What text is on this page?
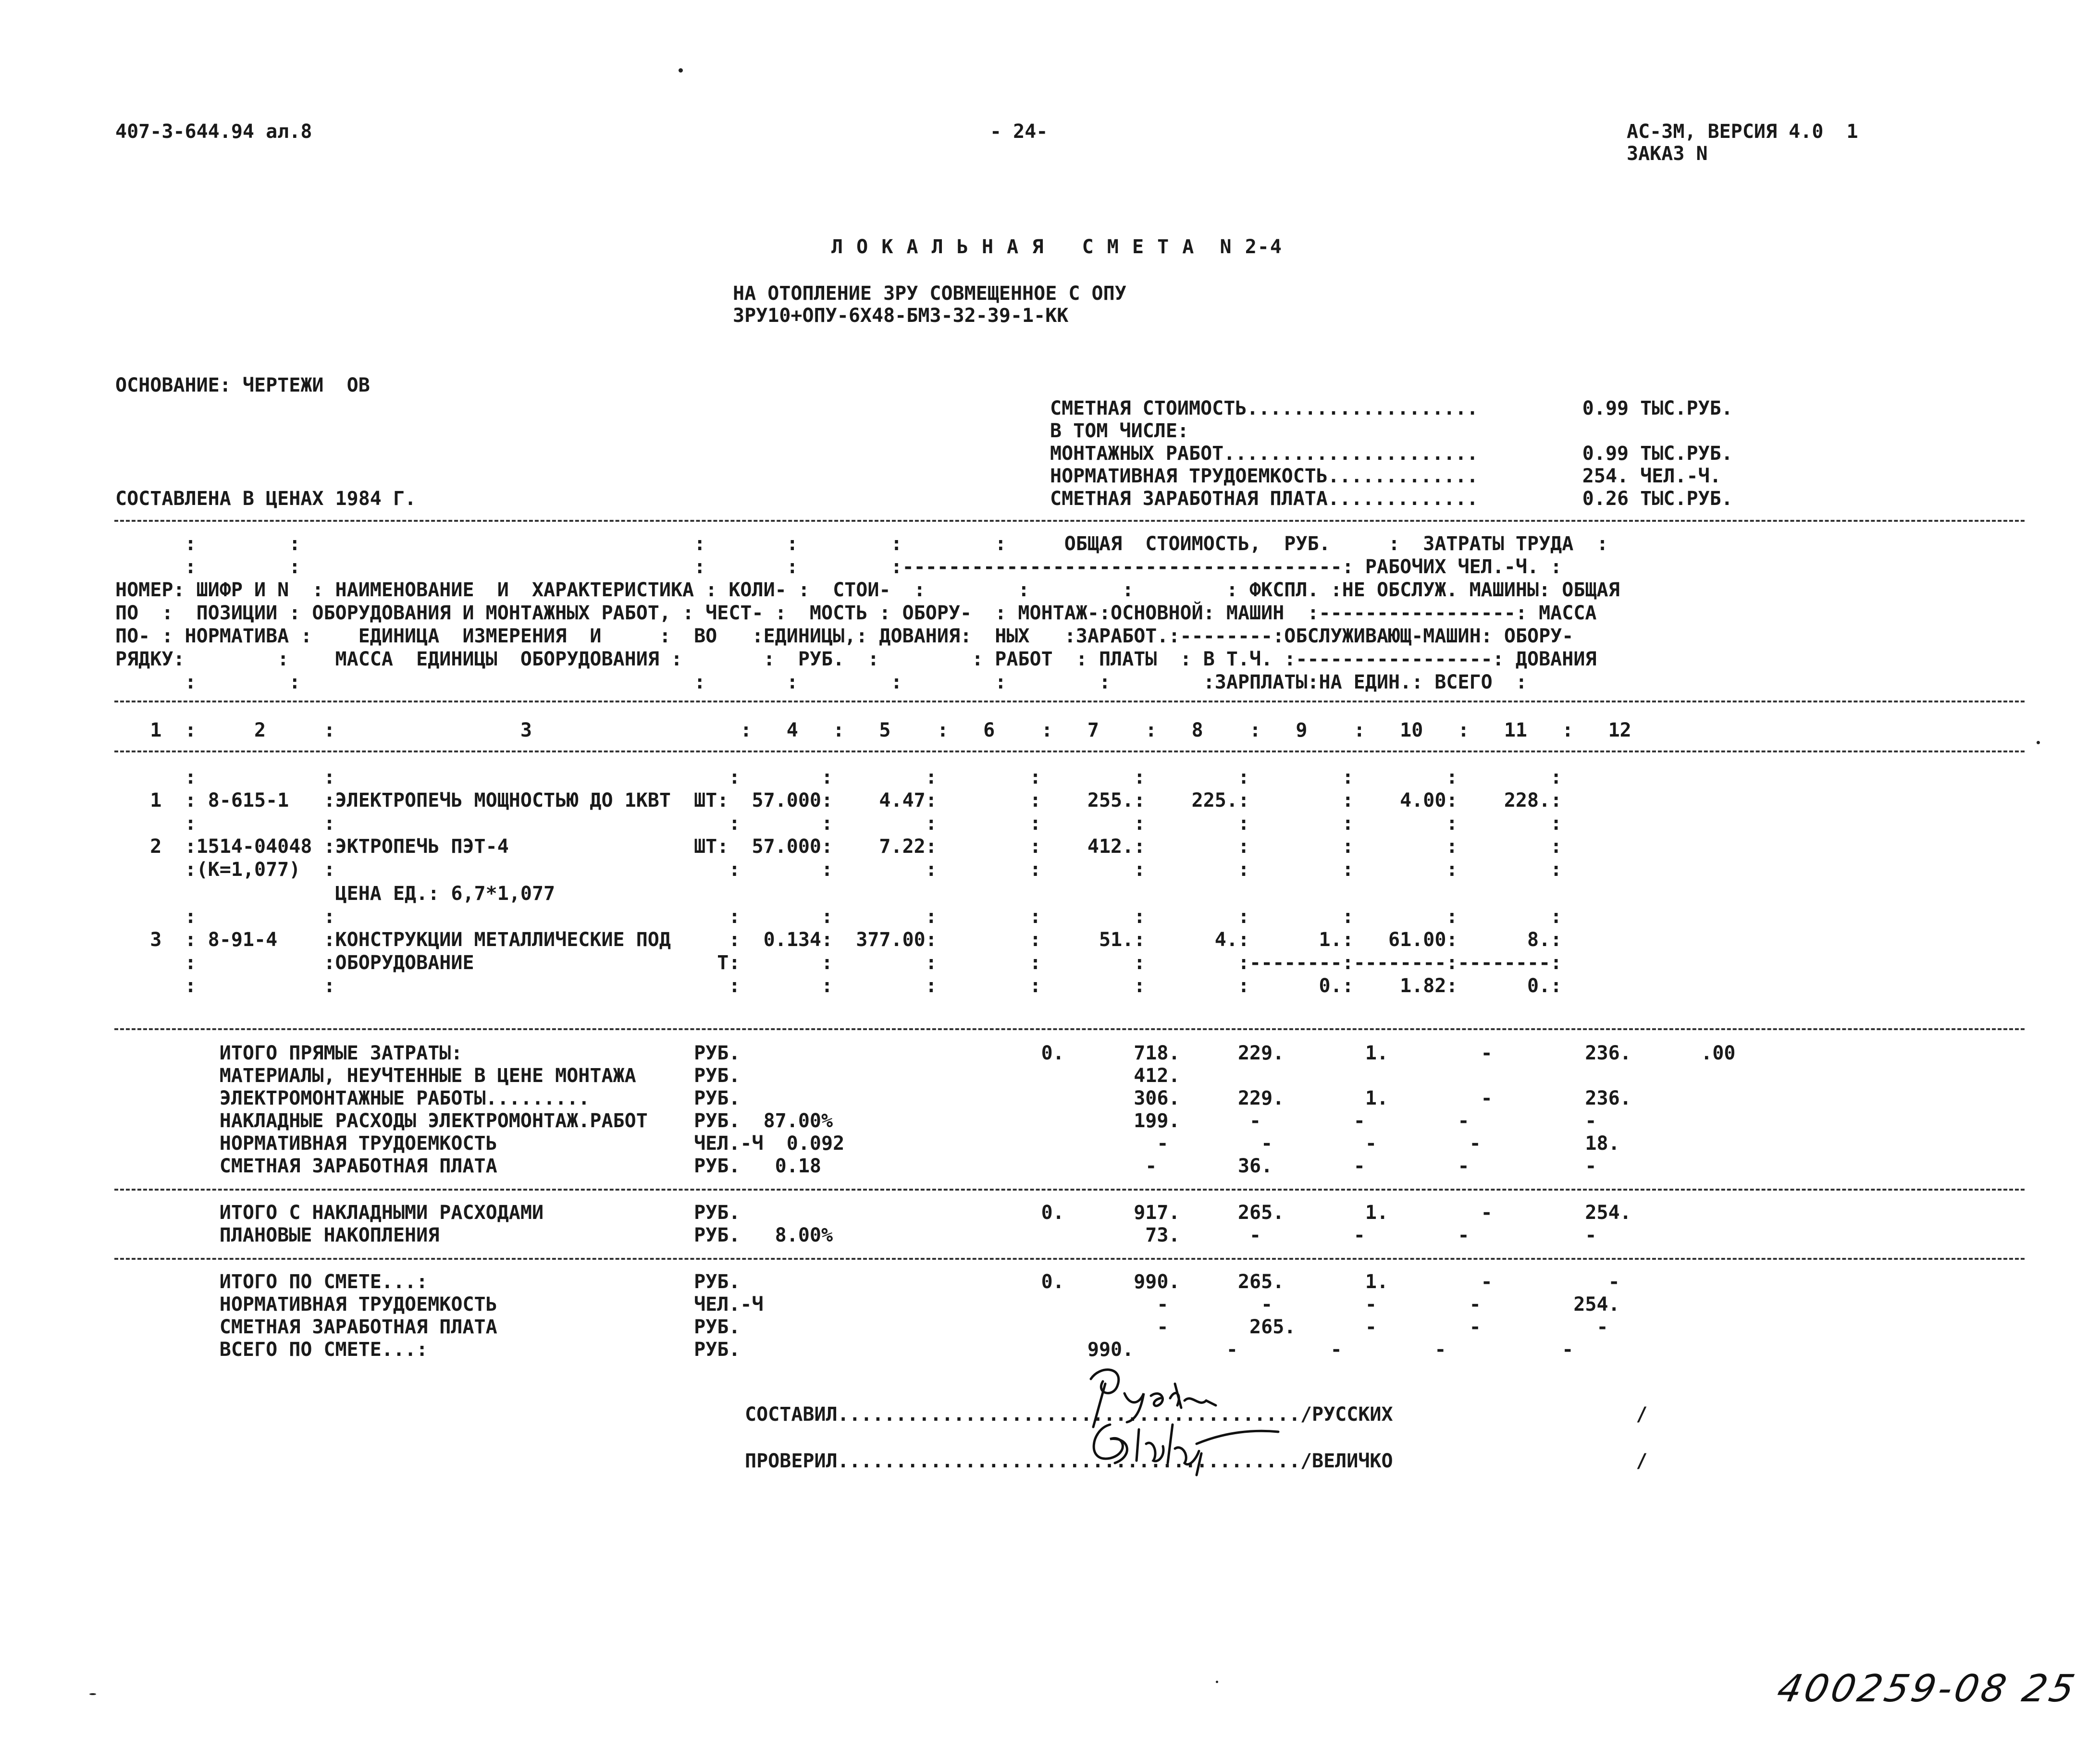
407-3-644.94 ал.8	- 24-	АС-3М, ВЕРСИЯ 4.0  1
ЗАКАЗ N
Л О К А Л Ь Н А Я   С М Е Т А  N 2-4
НА ОТОПЛЕНИЕ ЗРУ СОВМЕЩЕННОЕ С ОПУ
ЗРУ10+ОПУ-6Х48-БМЗ-32-39-1-КК
ОСНОВАНИЕ: ЧЕРТЕЖИ  ОВ
СМЕТНАЯ СТОИМОСТЬ....................         0.99 ТЫС.РУБ.
В ТОМ ЧИСЛЕ:
МОНТАЖНЫХ РАБОТ......................         0.99 ТЫС.РУБ.
НОРМАТИВНАЯ ТРУДОЕМКОСТЬ.............         254. ЧЕЛ.-Ч.
СМЕТНАЯ ЗАРАБОТНАЯ ПЛАТА.............         0.26 ТЫС.РУБ.
СОСТАВЛЕНА В ЦЕНАХ 1984 Г.
:        :                                  :       :        :        :     ОБЩАЯ  СТОИМОСТЬ,  РУБ.     :  ЗАТРАТЫ ТРУДА  :
:        :                                  :       :        :--------------------------------------: РАБОЧИХ ЧЕЛ.-Ч. :
НОМЕР: ШИФР И N  : НАИМЕНОВАНИЕ  И  ХАРАКТЕРИСТИКА : КОЛИ- :  СТОИ-  :        :        :        : ФКСПЛ. :НЕ ОБСЛУЖ. МАШИНЫ: ОБЩАЯ
ПО  :  ПОЗИЦИИ : ОБОРУДОВАНИЯ И МОНТАЖНЫХ РАБОТ, : ЧЕСТ- :  МОСТЬ : ОБОРУ-  : МОНТАЖ-:ОСНОВНОЙ: МАШИН  :-----------------: МАССА
ПО- : НОРМАТИВА :    ЕДИНИЦА  ИЗМЕРЕНИЯ  И     :  ВО   :ЕДИНИЦЫ,: ДОВАНИЯ:  НЫХ   :ЗАРАБОТ.:--------:ОБСЛУЖИВАЮЩ-МАШИН: ОБОРУ-
РЯДКУ:        :    МАССА  ЕДИНИЦЫ  ОБОРУДОВАНИЯ :       :  РУБ.  :        : РАБОТ  : ПЛАТЫ  : В Т.Ч. :-----------------: ДОВАНИЯ
:        :                                  :       :        :        :        :        :ЗАРПЛАТЫ:НА ЕДИН.: ВСЕГО  :
1  :     2     :                3                  :   4   :   5    :   6    :   7    :   8    :   9    :   10   :   11   :   12
:           :                                  :       :        :        :        :        :        :        :        :
1  : 8-615-1   :ЭЛЕКТРОПЕЧЬ МОЩНОСТЬЮ ДО 1КВТ  ШТ:  57.000:    4.47:        :    255.:    225.:        :    4.00:    228.:
:           :                                  :       :        :        :        :        :        :        :        :
2  :1514-04048 :ЭКТРОПЕЧЬ ПЭТ-4                ШТ:  57.000:    7.22:        :    412.:        :        :        :        :
:(К=1,077)  :                                  :       :        :        :        :        :        :        :        :
ЦЕНА ЕД.: 6,7*1,077
:           :                                  :       :        :        :        :        :        :        :        :
3  : 8-91-4    :КОНСТРУКЦИИ МЕТАЛЛИЧЕСКИЕ ПОД     :  0.134:  377.00:        :     51.:      4.:      1.:   61.00:      8.:
:           :ОБОРУДОВАНИЕ                     Т:       :        :        :        :        :--------:--------:--------:
:           :                                  :       :        :        :        :        :      0.:    1.82:      0.:
ИТОГО ПРЯМЫЕ ЗАТРАТЫ:                    РУБ.                          0.      718.     229.       1.        -        236.      .00
МАТЕРИАЛЫ, НЕУЧТЕННЫЕ В ЦЕНЕ МОНТАЖА     РУБ.                                  412.
ЭЛЕКТРОМОНТАЖНЫЕ РАБОТЫ.........         РУБ.                                  306.     229.       1.        -        236.
НАКЛАДНЫЕ РАСХОДЫ ЭЛЕКТРОМОНТАЖ.РАБОТ    РУБ.  87.00%                          199.      -        -        -          -
НОРМАТИВНАЯ ТРУДОЕМКОСТЬ                 ЧЕЛ.-Ч  0.092                           -        -        -        -         18.
СМЕТНАЯ ЗАРАБОТНАЯ ПЛАТА                 РУБ.   0.18                            -       36.       -        -          -
ИТОГО С НАКЛАДНЫМИ РАСХОДАМИ             РУБ.                          0.      917.     265.       1.        -        254.
ПЛАНОВЫЕ НАКОПЛЕНИЯ                      РУБ.   8.00%                           73.      -        -        -          -
ИТОГО ПО СМЕТЕ...:                       РУБ.                          0.      990.     265.       1.        -          -
НОРМАТИВНАЯ ТРУДОЕМКОСТЬ                 ЧЕЛ.-Ч                                  -        -        -        -        254.
СМЕТНАЯ ЗАРАБОТНАЯ ПЛАТА                 РУБ.                                    -       265.      -        -          -
ВСЕГО ПО СМЕТЕ...:                       РУБ.                              990.        -        -        -          -
СОСТАВИЛ......................................../РУССКИХ                     /
ПРОВЕРИЛ......................................../ВЕЛИЧКО                     /
400259-08 25
